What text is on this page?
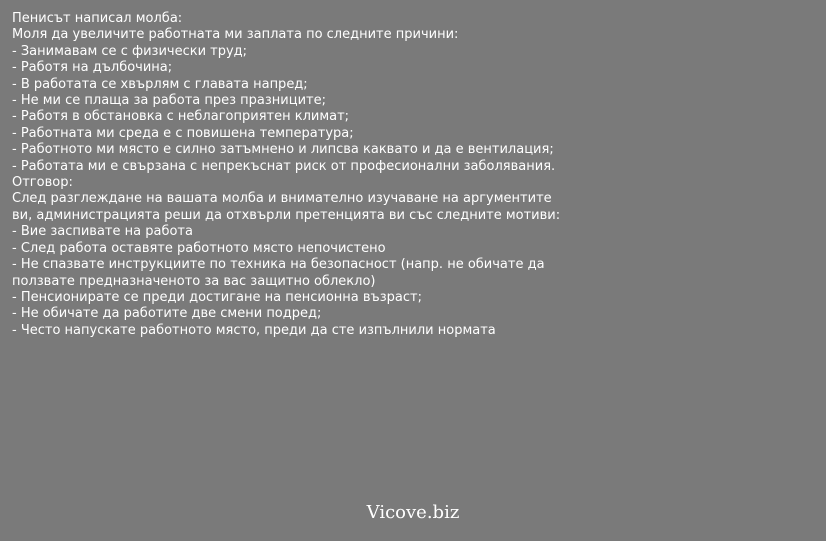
Пенисът написал молба:
Моля да увеличите работната ми заплата по следните причини:
- Занимавам се с физически труд;
- Работя на дълбочина;
- В работата се хвърлям с главата напред;
- Не ми се плаща за работа през празниците;
- Работя в обстановка с неблагоприятен климат;
- Работната ми среда е с повишена температура;
- Работното ми място е силно затъмнено и липсва каквато и да е вентилация;
- Работата ми е свързана с непрекъснат риск от професионални заболявания.
Отговор:
След разглеждане на вашата молба и внимателно изучаване на аргументите ви, администрацията реши да отхвърли претенцията ви със следните мотиви:
- Вие заспивате на работа
- След работа оставяте работното място непочистено
- Не спазвате инструкциите по техника на безопасност (напр. не обичате да ползвате предназначеното за вас защитно облекло)
- Пенсионирате се преди достигане на пенсионна възраст;
- Не обичате да работите две смени подред;
- Често напускате работното място, преди да сте изпълнили нормата
Vicove.biz
